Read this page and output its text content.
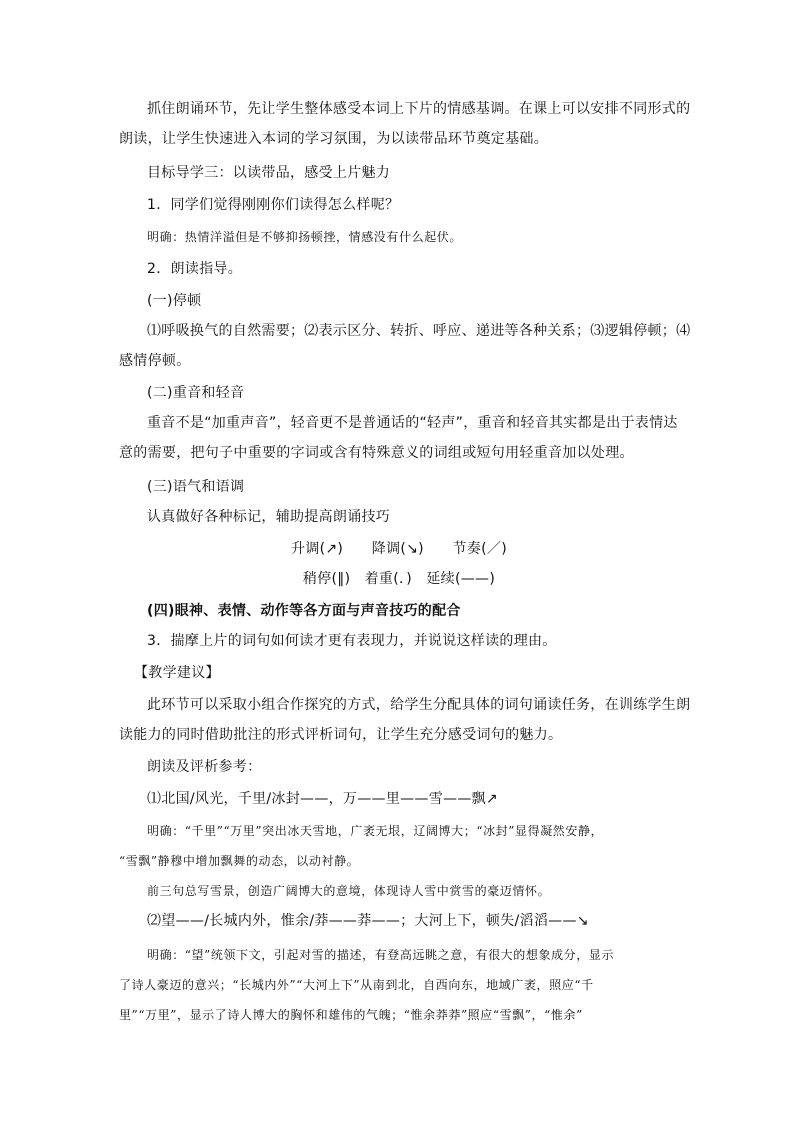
抓住朗诵环节，先让学生整体感受本词上下片的情感基调。在课上可以安排不同形式的
朗读，让学生快速进入本词的学习氛围，为以读带品环节奠定基础。
目标导学三：以读带品，感受上片魅力
1．同学们觉得刚刚你们读得怎么样呢？
明确：热情洋溢但是不够抑扬顿挫，情感没有什么起伏。
2．朗读指导。
(一)停顿
⑴呼吸换气的自然需要；⑵表示区分、转折、呼应、递进等各种关系；⑶逻辑停顿；⑷
感情停顿。
(二)重音和轻音
重音不是“加重声音”，轻音更不是普通话的“轻声”，重音和轻音其实都是出于表情达
意的需要，把句子中重要的字词或含有特殊意义的词组或短句用轻重音加以处理。
(三)语气和语调
认真做好各种标记，辅助提高朗诵技巧
升调(↗)　　降调(↘)　　节奏(／)
稍停(‖)　着重(．)　延续(——)
(四)眼神、表情、动作等各方面与声音技巧的配合
3．揣摩上片的词句如何读才更有表现力，并说说这样读的理由。
【教学建议】
此环节可以采取小组合作探究的方式，给学生分配具体的词句诵读任务，在训练学生朗
读能力的同时借助批注的形式评析词句，让学生充分感受词句的魅力。
朗读及评析参考：
⑴北国/风光，千里/冰封——，万——里——雪——飘↗
明确：“千里”“万里”突出冰天雪地，广袤无垠，辽阔博大；“冰封”显得凝然安静，
“雪飘”静穆中增加飘舞的动态，以动衬静。
前三句总写雪景，创造广阔博大的意境，体现诗人雪中赏雪的豪迈情怀。
⑵望——/长城内外，惟余/莽——莽——；大河上下，顿失/滔滔——↘
明确：“望”统领下文，引起对雪的描述，有登高远眺之意，有很大的想象成分，显示
了诗人豪迈的意兴；“长城内外”“大河上下”从南到北，自西向东，地域广袤，照应“千
里”“万里”，显示了诗人博大的胸怀和雄伟的气魄；“惟余莽莽”照应“雪飘”，“惟余”
